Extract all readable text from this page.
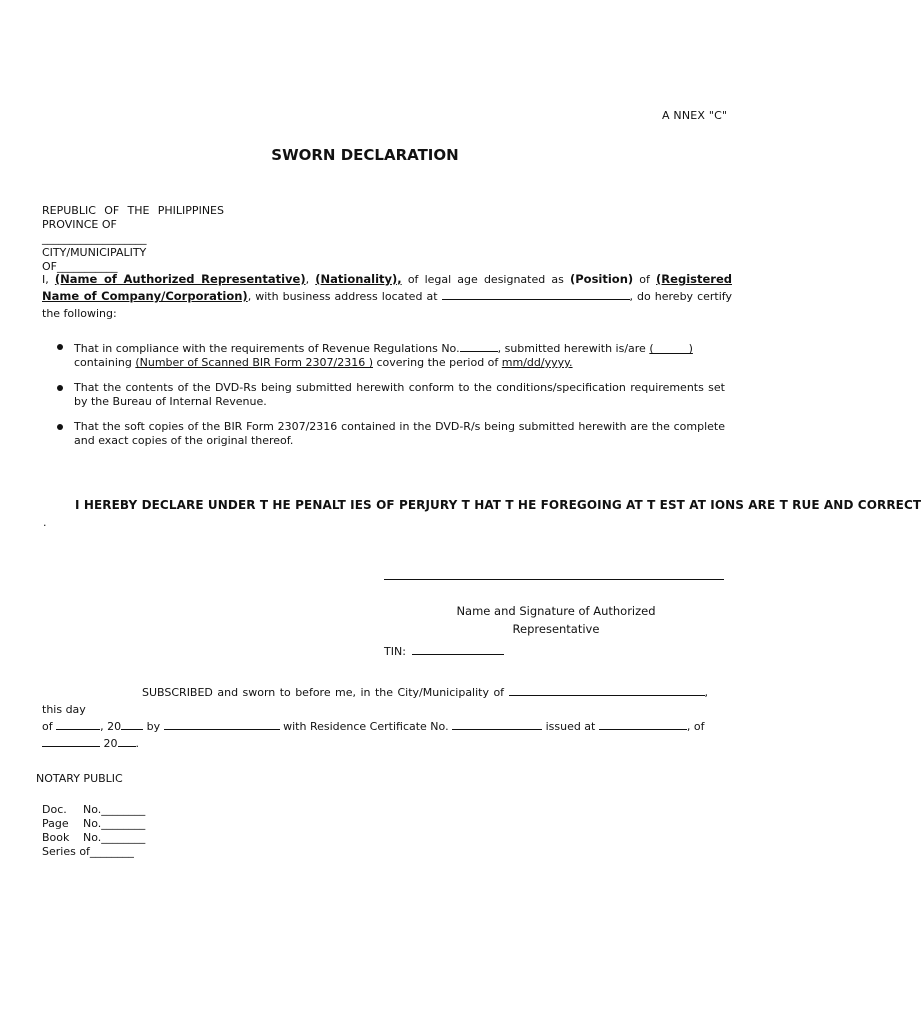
A NNEX "C"
SWORN DECLARATION
REPUBLIC OF THE PHILIPPINES
PROVINCE OF ___________________
CITY/MUNICIPALITY OF___________
I, (Name of Authorized Representative), (Nationality), of legal age designated as (Position) of (Registered Name of Company/Corporation), with business address located at	, do hereby certify the following:
That in compliance with the requirements of Revenue Regulations No.	, submitted herewith is/are (          )
containing (Number of Scanned BIR Form 2307/2316 ) covering the period of mm/dd/yyyy.
That the contents of the DVD-Rs being submitted herewith conform to the conditions/specification requirements set by the Bureau of Internal Revenue.
That the soft copies of the BIR Form 2307/2316 contained in the DVD-R/s being submitted herewith are the complete and exact copies of the original thereof.
I HEREBY DECLARE UNDER T HE PENALT IES OF PERJURY T HAT T HE FOREGOING AT T EST AT IONS ARE T RUE AND CORRECT
.
Name and Signature of Authorized
Representative
TIN:
SUBSCRIBED and sworn to before me, in the City/Municipality of	, this day
of	, 20 by	with Residence Certificate No.	issued at	, of
20 .
NOTARY PUBLIC
Doc.	No.________
Page	No.________
Book	No.________
Series of________
